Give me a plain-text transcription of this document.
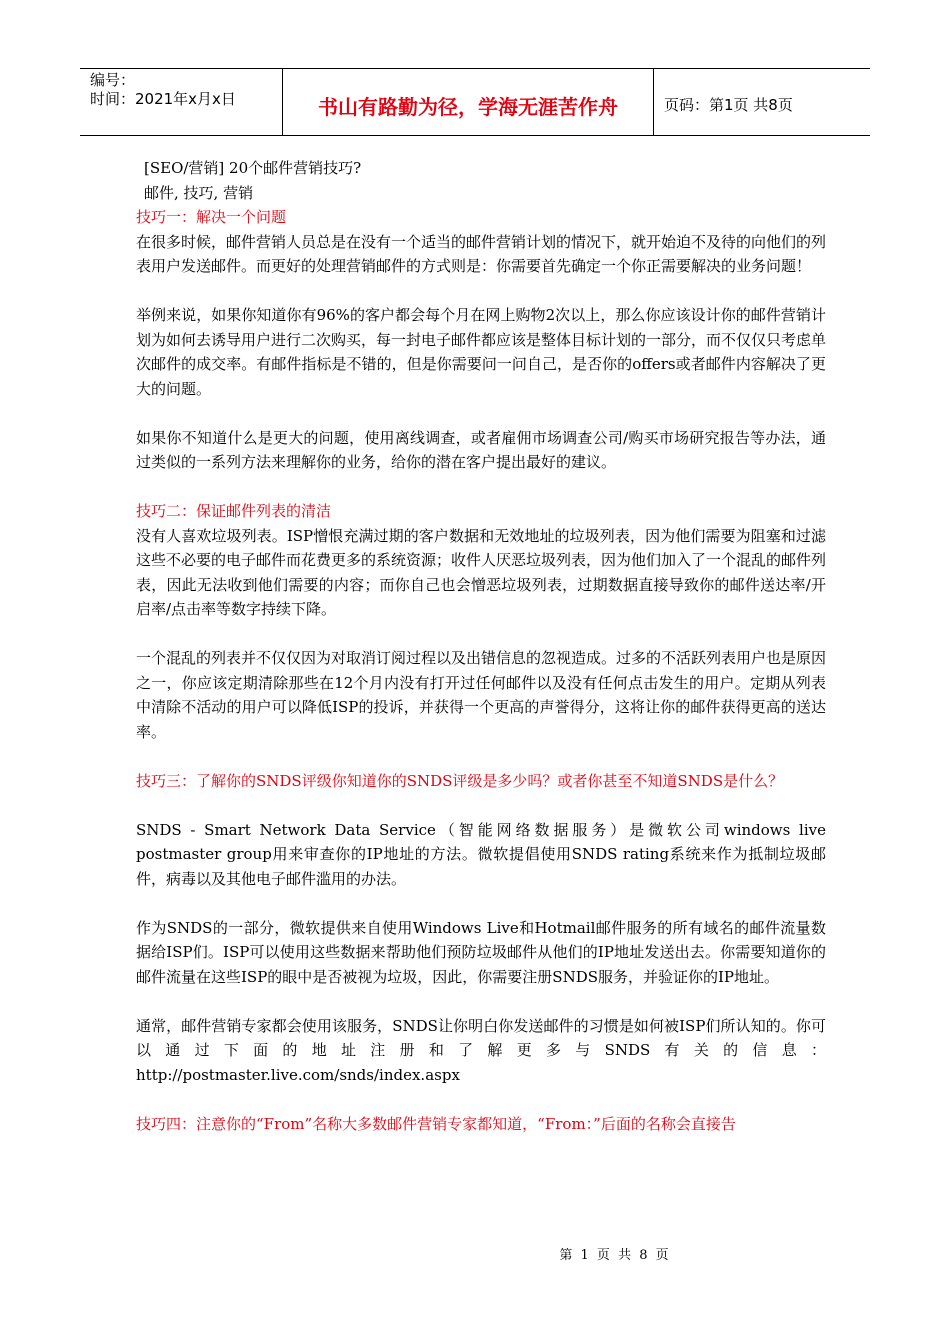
编号：
时间：2021年x月x日	书山有路勤为径，学海无涯苦作舟	页码：第1页 共8页

[SEO/营销] 20个邮件营销技巧?

邮件, 技巧, 营销

技巧一：解决一个问题

在很多时候，邮件营销人员总是在没有一个适当的邮件营销计划的情况下，就开始迫不及待的向他们的列表用户发送邮件。而更好的处理营销邮件的方式则是：你需要首先确定一个你正需要解决的业务问题！

举例来说，如果你知道你有96%的客户都会每个月在网上购物2次以上，那么你应该设计你的邮件营销计划为如何去诱导用户进行二次购买，每一封电子邮件都应该是整体目标计划的一部分，而不仅仅只考虑单次邮件的成交率。有邮件指标是不错的，但是你需要问一问自己，是否你的offers或者邮件内容解决了更大的问题。

如果你不知道什么是更大的问题，使用离线调查，或者雇佣市场调查公司/购买市场研究报告等办法，通过类似的一系列方法来理解你的业务，给你的潜在客户提出最好的建议。

技巧二：保证邮件列表的清洁

没有人喜欢垃圾列表。ISP憎恨充满过期的客户数据和无效地址的垃圾列表，因为他们需要为阻塞和过滤这些不必要的电子邮件而花费更多的系统资源；收件人厌恶垃圾列表，因为他们加入了一个混乱的邮件列表，因此无法收到他们需要的内容；而你自己也会憎恶垃圾列表，过期数据直接导致你的邮件送达率/开启率/点击率等数字持续下降。

一个混乱的列表并不仅仅因为对取消订阅过程以及出错信息的忽视造成。过多的不活跃列表用户也是原因之一，你应该定期清除那些在12个月内没有打开过任何邮件以及没有任何点击发生的用户。定期从列表中清除不活动的用户可以降低ISP的投诉，并获得一个更高的声誉得分，这将让你的邮件获得更高的送达率。

技巧三：了解你的SNDS评级你知道你的SNDS评级是多少吗？或者你甚至不知道SNDS是什么？

SNDS - Smart Network Data Service（智能网络数据服务）是微软公司windows live postmaster group用来审查你的IP地址的方法。微软提倡使用SNDS rating系统来作为抵制垃圾邮件，病毒以及其他电子邮件滥用的办法。

作为SNDS的一部分，微软提供来自使用Windows Live和Hotmail邮件服务的所有域名的邮件流量数据给ISP们。ISP可以使用这些数据来帮助他们预防垃圾邮件从他们的IP地址发送出去。你需要知道你的邮件流量在这些ISP的眼中是否被视为垃圾，因此，你需要注册SNDS服务，并验证你的IP地址。

通常，邮件营销专家都会使用该服务，SNDS让你明白你发送邮件的习惯是如何被ISP们所认知的。你可以通过下面的地址注册和了解更多与SNDS有关的信息：http://postmaster.live.com/snds/index.aspx

技巧四：注意你的“From”名称大多数邮件营销专家都知道，“From：”后面的名称会直接告

第 1 页 共 8 页
